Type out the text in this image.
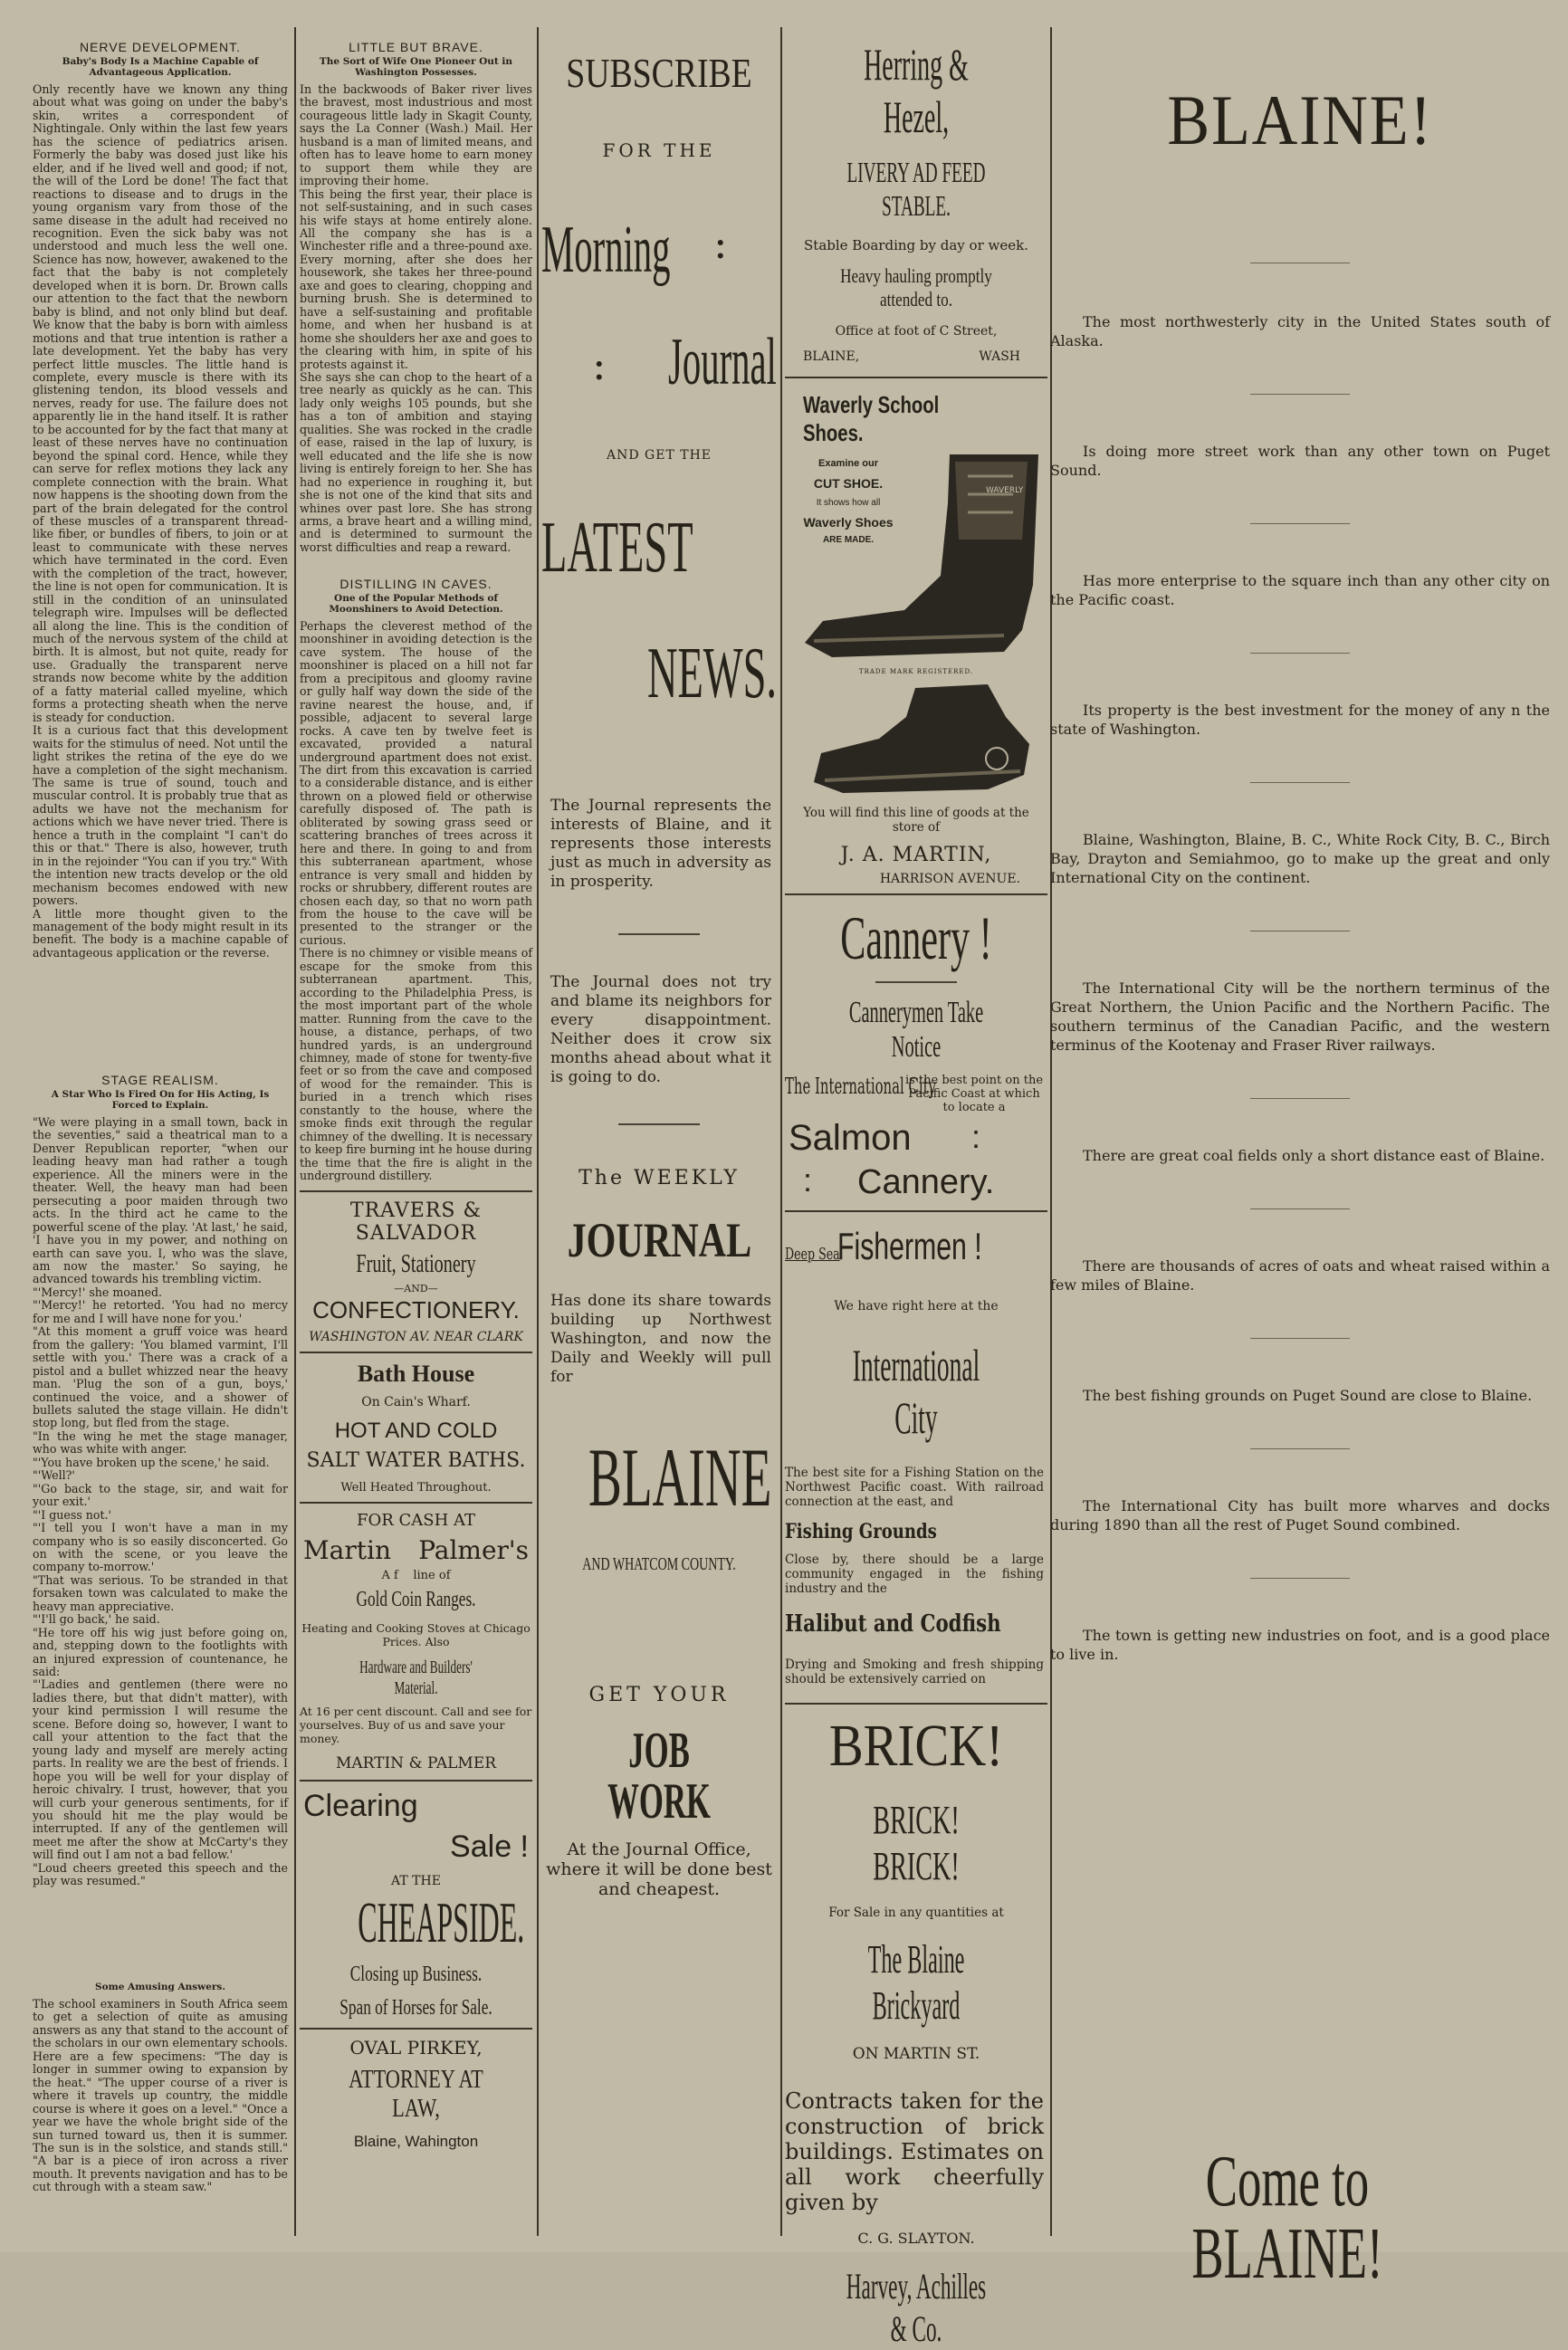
NERVE DEVELOPMENT.
Baby's Body Is a Machine Capable of Advantageous Application.

Only recently have we known any thing about what was going on under the baby's skin, writes a correspondent of Nightingale. Only within the last few years has the science of pediatrics arisen. Formerly the baby was dosed just like his elder, and if he lived well and good; if not, the will of the Lord be done! The fact that reactions to disease and to drugs in the young organism vary from those of the same disease in the adult had received no recognition. Even the sick baby was not understood and much less the well one. Science has now, however, awakened to the fact that the baby is not completely developed when it is born. Dr. Brown calls our attention to the fact that the newborn baby is blind, and not only blind but deaf. We know that the baby is born with aimless motions and that true intention is rather a late development. Yet the baby has very perfect little muscles. The little hand is complete, every muscle is there with its glistening tendon, its blood vessels and nerves, ready for use. The failure does not apparently lie in the hand itself. It is rather to be accounted for by the fact that many at least of these nerves have no continuation beyond the spinal cord. Hence, while they can serve for reflex motions they lack any complete connection with the brain. What now happens is the shooting down from the part of the brain delegated for the control of these muscles of a transparent thread-like fiber, or bundles of fibers, to join or at least to communicate with these nerves which have terminated in the cord. Even with the completion of the tract, however, the line is not open for communication. It is still in the condition of an uninsulated telegraph wire. Impulses will be deflected all along the line. This is the condition of much of the nervous system of the child at birth. It is almost, but not quite, ready for use. Gradually the transparent nerve strands now become white by the addition of a fatty material called myeline, which forms a protecting sheath when the nerve is steady for conduction.
It is a curious fact that this development waits for the stimulus of need. Not until the light strikes the retina of the eye do we have a completion of the sight mechanism. The same is true of sound, touch and muscular control. It is probably true that as adults we have not the mechanism for actions which we have never tried. There is hence a truth in the complaint "I can't do this or that." There is also, however, truth in in the rejoinder "You can if you try." With the intention new tracts develop or the old mechanism becomes endowed with new powers.
A little more thought given to the management of the body might result in its benefit. The body is a machine capable of advantageous application or the reverse.

STAGE REALISM.
A Star Who Is Fired On for His Acting, Is Forced to Explain.

"We were playing in a small town, back in the seventies," said a theatrical man to a Denver Republican reporter, "when our leading heavy man had rather a tough experience. All the miners were in the theater. Well, the heavy man had been persecuting a poor maiden through two acts. In the third act he came to the powerful scene of the play. 'At last,' he said, 'I have you in my power, and nothing on earth can save you. I, who was the slave, am now the master.' So saying, he advanced towards his trembling victim.
"'Mercy!' she moaned.
"'Mercy!' he retorted. 'You had no mercy for me and I will have none for you.'
"At this moment a gruff voice was heard from the gallery: 'You blamed varmint, I'll settle with you.' There was a crack of a pistol and a bullet whizzed near the heavy man. 'Plug the son of a gun, boys,' continued the voice, and a shower of bullets saluted the stage villain. He didn't stop long, but fled from the stage.
"In the wing he met the stage manager, who was white with anger.
"'You have broken up the scene,' he said.
"'Well?'
"'Go back to the stage, sir, and wait for your exit.'
"'I guess not.'
"'I tell you I won't have a man in my company who is so easily disconcerted. Go on with the scene, or you leave the company to-morrow.'
"That was serious. To be stranded in that forsaken town was calculated to make the heavy man appreciative.
"'I'll go back,' he said.
"He tore off his wig just before going on, and, stepping down to the footlights with an injured expression of countenance, he said:
"'Ladies and gentlemen (there were no ladies there, but that didn't matter), with your kind permission I will resume the scene. Before doing so, however, I want to call your attention to the fact that the young lady and myself are merely acting parts. In reality we are the best of friends. I hope you will be well for your display of heroic chivalry. I trust, however, that you will curb your generous sentiments, for if you should hit me the play would be interrupted. If any of the gentlemen will meet me after the show at McCarty's they will find out I am not a bad fellow.'
"Loud cheers greeted this speech and the play was resumed."

Some Amusing Answers.

The school examiners in South Africa seem to get a selection of quite as amusing answers as any that stand to the account of the scholars in our own elementary schools. Here are a few specimens: "The day is longer in summer owing to expansion by the heat." "The upper course of a river is where it travels up country, the middle course is where it goes on a level." "Once a year we have the whole bright side of the sun turned toward us, then it is summer. The sun is in the solstice, and stands still." "A bar is a piece of iron across a river mouth. It prevents navigation and has to be cut through with a steam saw."

LITTLE BUT BRAVE.
The Sort of Wife One Pioneer Out in Washington Possesses.

In the backwoods of Baker river lives the bravest, most industrious and most courageous little lady in Skagit County, says the La Conner (Wash.) Mail. Her husband is a man of limited means, and often has to leave home to earn money to support them while they are improving their home.
This being the first year, their place is not self-sustaining, and in such cases his wife stays at home entirely alone. All the company she has is a Winchester rifle and a three-pound axe. Every morning, after she does her housework, she takes her three-pound axe and goes to clearing, chopping and burning brush. She is determined to have a self-sustaining and profitable home, and when her husband is at home she shoulders her axe and goes to the clearing with him, in spite of his protests against it.
She says she can chop to the heart of a tree nearly as quickly as he can. This lady only weighs 105 pounds, but she has a ton of ambition and staying qualities. She was rocked in the cradle of ease, raised in the lap of luxury, is well educated and the life she is now living is entirely foreign to her. She has had no experience in roughing it, but she is not one of the kind that sits and whines over past lore. She has strong arms, a brave heart and a willing mind, and is determined to surmount the worst difficulties and reap a reward.

DISTILLING IN CAVES.
One of the Popular Methods of Moonshiners to Avoid Detection.

Perhaps the cleverest method of the moonshiner in avoiding detection is the cave system. The house of the moonshiner is placed on a hill not far from a precipitous and gloomy ravine or gully half way down the side of the ravine nearest the house, and, if possible, adjacent to several large rocks. A cave ten by twelve feet is excavated, provided a natural underground apartment does not exist. The dirt from this excavation is carried to a considerable distance, and is either thrown on a plowed field or otherwise carefully disposed of. The path is obliterated by sowing grass seed or scattering branches of trees across it here and there. In going to and from this subterranean apartment, whose entrance is very small and hidden by rocks or shrubbery, different routes are chosen each day, so that no worn path from the house to the cave will be presented to the stranger or the curious.
There is no chimney or visible means of escape for the smoke from this subterranean apartment. This, according to the Philadelphia Press, is the most important part of the whole matter. Running from the cave to the house, a distance, perhaps, of two hundred yards, is an underground chimney, made of stone for twenty-five feet or so from the cave and composed of wood for the remainder. This is buried in a trench which rises constantly to the house, where the smoke finds exit through the regular chimney of the dwelling. It is necessary to keep fire burning int he house during the time that the fire is alight in the underground distillery.

TRAVERS & SALVADOR
Fruit, Stationery
—AND—
CONFECTIONERY.
WASHINGTON AV. NEAR CLARK
Bath House
On Cain's Wharf.
HOT AND COLD
SALT WATER BATHS.
Well Heated Throughout.
FOR CASH AT
Martin Palmer's
A f line of
Gold Coin Ranges.
Heating and Cooking Stoves at Chicago Prices. Also
Hardware and Builders' Material.
At 16 per cent discount. Call and see for yourselves. Buy of us and save your money.
MARTIN & PALMER
Clearing
Sale !
AT THE
CHEAPSIDE.
Closing up Business.
Span of Horses for Sale.
OVAL PIRKEY,
ATTORNEY AT LAW,
Blaine, Wahington
SUBSCRIBE
FOR THE
Morning :
: Journal
AND GET THE
LATEST
NEWS.

The Journal represents the interests of Blaine, and it represents those interests just as much in adversity as in prosperity.

The Journal does not try and blame its neighbors for every disappointment. Neither does it crow six months ahead about what it is going to do.

The WEEKLY
JOURNAL

Has done its share towards building up Northwest Washington, and now the Daily and Weekly will pull for

BLAINE
AND WHATCOM COUNTY.
GET YOUR
JOB WORK

At the Journal Office, where it will be done best and cheapest.

Herring & Hezel,
LIVERY AD FEED STABLE.
Stable Boarding by day or week.
Heavy hauling promptly attended to.
Office at foot of C Street,
BLAINE,	WASH
Waverly School Shoes.
Examine our
CUT SHOE.
It shows how all
Waverly Shoes
ARE MADE.
WAVERLY
TRADE MARK REGISTERED.
You will find this line of goods at the store of
J. A. MARTIN,
HARRISON AVENUE.
Cannery !
Cannerymen Take Notice
The International City
is the best point on the Pacific Coast at which to locate a
Salmon :
: Cannery.
Deep Sea
Fishermen !
We have right here at the
International City
The best site for a Fishing Station on the Northwest Pacific coast. With railroad connection at the east, and
Fishing Grounds
Close by, there should be a large community engaged in the fishing industry and the
Halibut and Codfish
Drying and Smoking and fresh shipping should be extensively carried on
BRICK!
BRICK! BRICK!
For Sale in any quantities at
The Blaine Brickyard
ON MARTIN ST.
Contracts taken for the construction of brick buildings. Estimates on all work cheerfully given by
C. G. SLAYTON.
Harvey, Achilles & Co.
BLAINE!

The most northwesterly city in the United States south of Alaska.

Is doing more street work than any other town on Puget Sound.

Has more enterprise to the square inch than any other city on the Pacific coast.

Its property is the best investment for the money of any n the state of Washington.

Blaine, Washington, Blaine, B. C., White Rock City, B. C., Birch Bay, Drayton and Semiahmoo, go to make up the great and only International City on the continent.

The International City will be the northern terminus of the Great Northern, the Union Pacific and the Northern Pacific. The southern terminus of the Canadian Pacific, and the western terminus of the Kootenay and Fraser River railways.

There are great coal fields only a short distance east of Blaine.

There are thousands of acres of oats and wheat raised within a few miles of Blaine.

The best fishing grounds on Puget Sound are close to Blaine.

The International City has built more wharves and docks during 1890 than all the rest of Puget Sound combined.

The town is getting new industries on foot, and is a good place to live in.

Come to BLAINE!
